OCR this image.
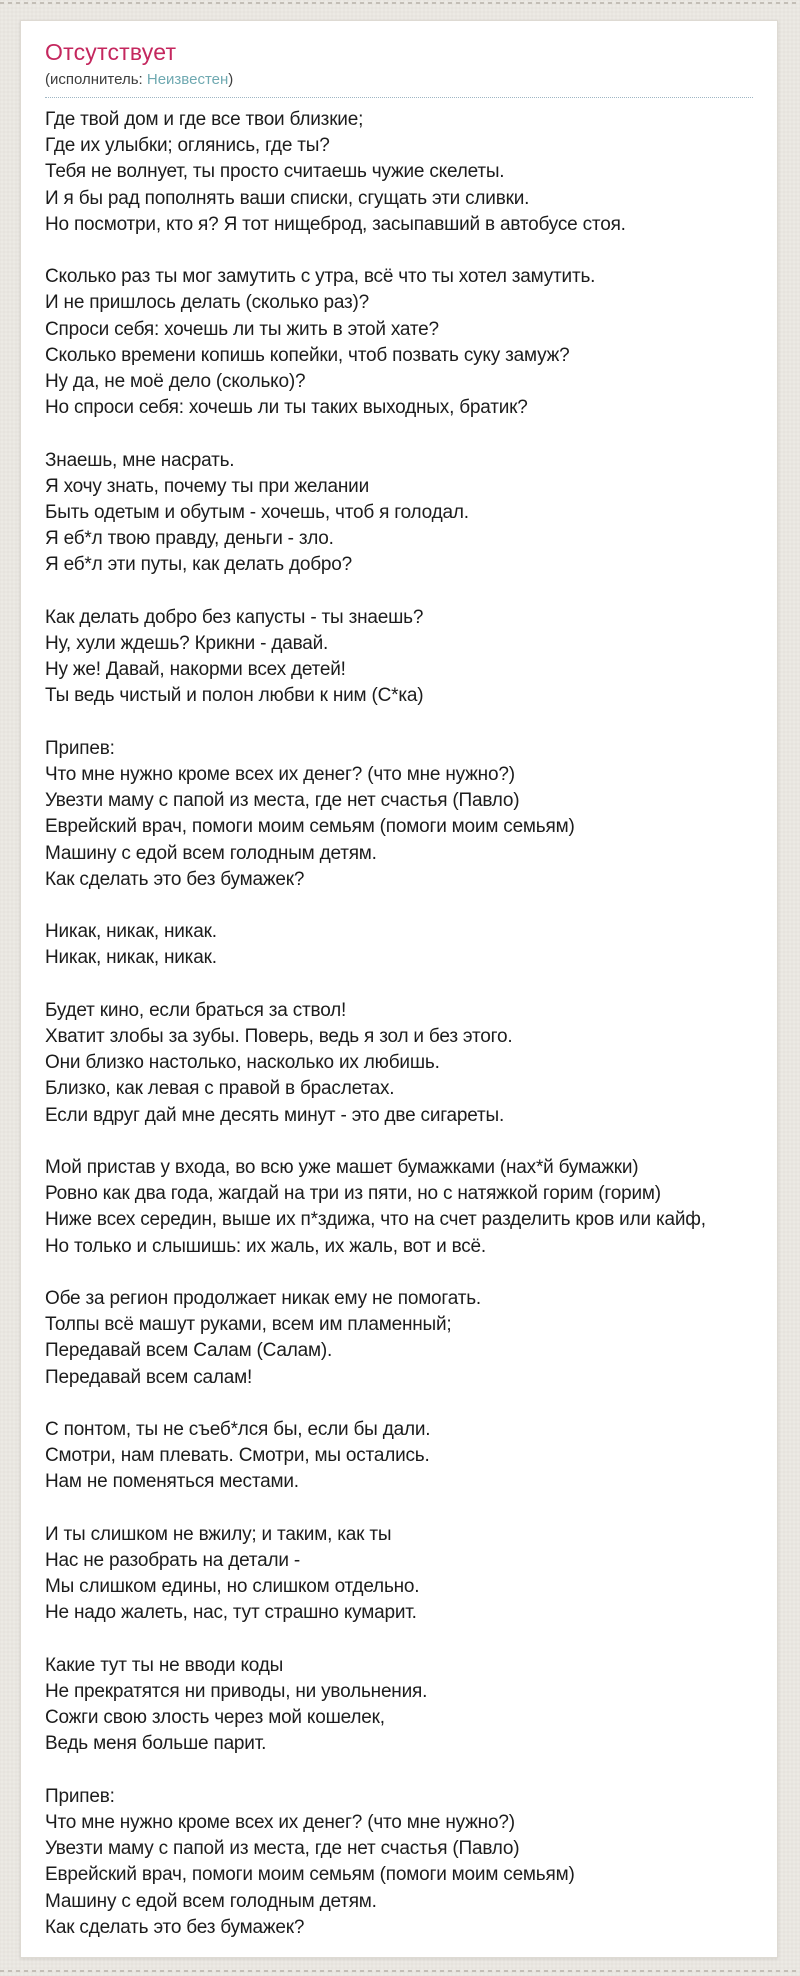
Отсутствует
(исполнитель: Неизвестен)
Где твой дом и где все твои близкие;
Где их улыбки; оглянись, где ты?
Тебя не волнует, ты просто считаешь чужие скелеты.
И я бы рад пополнять ваши списки, сгущать эти сливки.
Но посмотри, кто я? Я тот нищеброд, засыпавший в автобусе стоя.
Сколько раз ты мог замутить с утра, всё что ты хотел замутить.
И не пришлось делать (сколько раз)?
Спроси себя: хочешь ли ты жить в этой хате?
Сколько времени копишь копейки, чтоб позвать суку замуж?
Ну да, не моё дело (сколько)?
Но спроси себя: хочешь ли ты таких выходных, братик?
Знаешь, мне насрать.
Я хочу знать, почему ты при желании
Быть одетым и обутым - хочешь, чтоб я голодал.
Я еб*л твою правду, деньги - зло.
Я еб*л эти путы, как делать добро?
Как делать добро без капусты - ты знаешь?
Ну, хули ждешь? Крикни - давай.
Ну же! Давай, накорми всех детей!
Ты ведь чистый и полон любви к ним (С*ка)
Припев:
Что мне нужно кроме всех их денег? (что мне нужно?)
Увезти маму с папой из места, где нет счастья (Павло)
Еврейский врач, помоги моим семьям (помоги моим семьям)
Машину с едой всем голодным детям.
Как сделать это без бумажек?
Никак, никак, никак.
Никак, никак, никак.
Будет кино, если браться за ствол!
Хватит злобы за зубы. Поверь, ведь я зол и без этого.
Они близко настолько, насколько их любишь.
Близко, как левая с правой в браслетах.
Если вдруг дай мне десять минут - это две сигареты.
Мой пристав у входа, во всю уже машет бумажками (нах*й бумажки)
Ровно как два года, жагдай на три из пяти, но с натяжкой горим (горим)
Ниже всех середин, выше их п*здижа, что на счет разделить кров или кайф,
Но только и слышишь: их жаль, их жаль, вот и всё.
Обе за регион продолжает никак ему не помогать.
Толпы всё машут руками, всем им пламенный;
Передавай всем Салам (Салам).
Передавай всем салам!
С понтом, ты не съеб*лся бы, если бы дали.
Смотри, нам плевать. Смотри, мы остались.
Нам не поменяться местами.
И ты слишком не вжилу; и таким, как ты
Нас не разобрать на детали -
Мы слишком едины, но слишком отдельно.
Не надо жалеть, нас, тут страшно кумарит.
Какие тут ты не вводи коды
Не прекратятся ни приводы, ни увольнения.
Сожги свою злость через мой кошелек,
Ведь меня больше парит.
Припев:
Что мне нужно кроме всех их денег? (что мне нужно?)
Увезти маму с папой из места, где нет счастья (Павло)
Еврейский врач, помоги моим семьям (помоги моим семьям)
Машину с едой всем голодным детям.
Как сделать это без бумажек?
